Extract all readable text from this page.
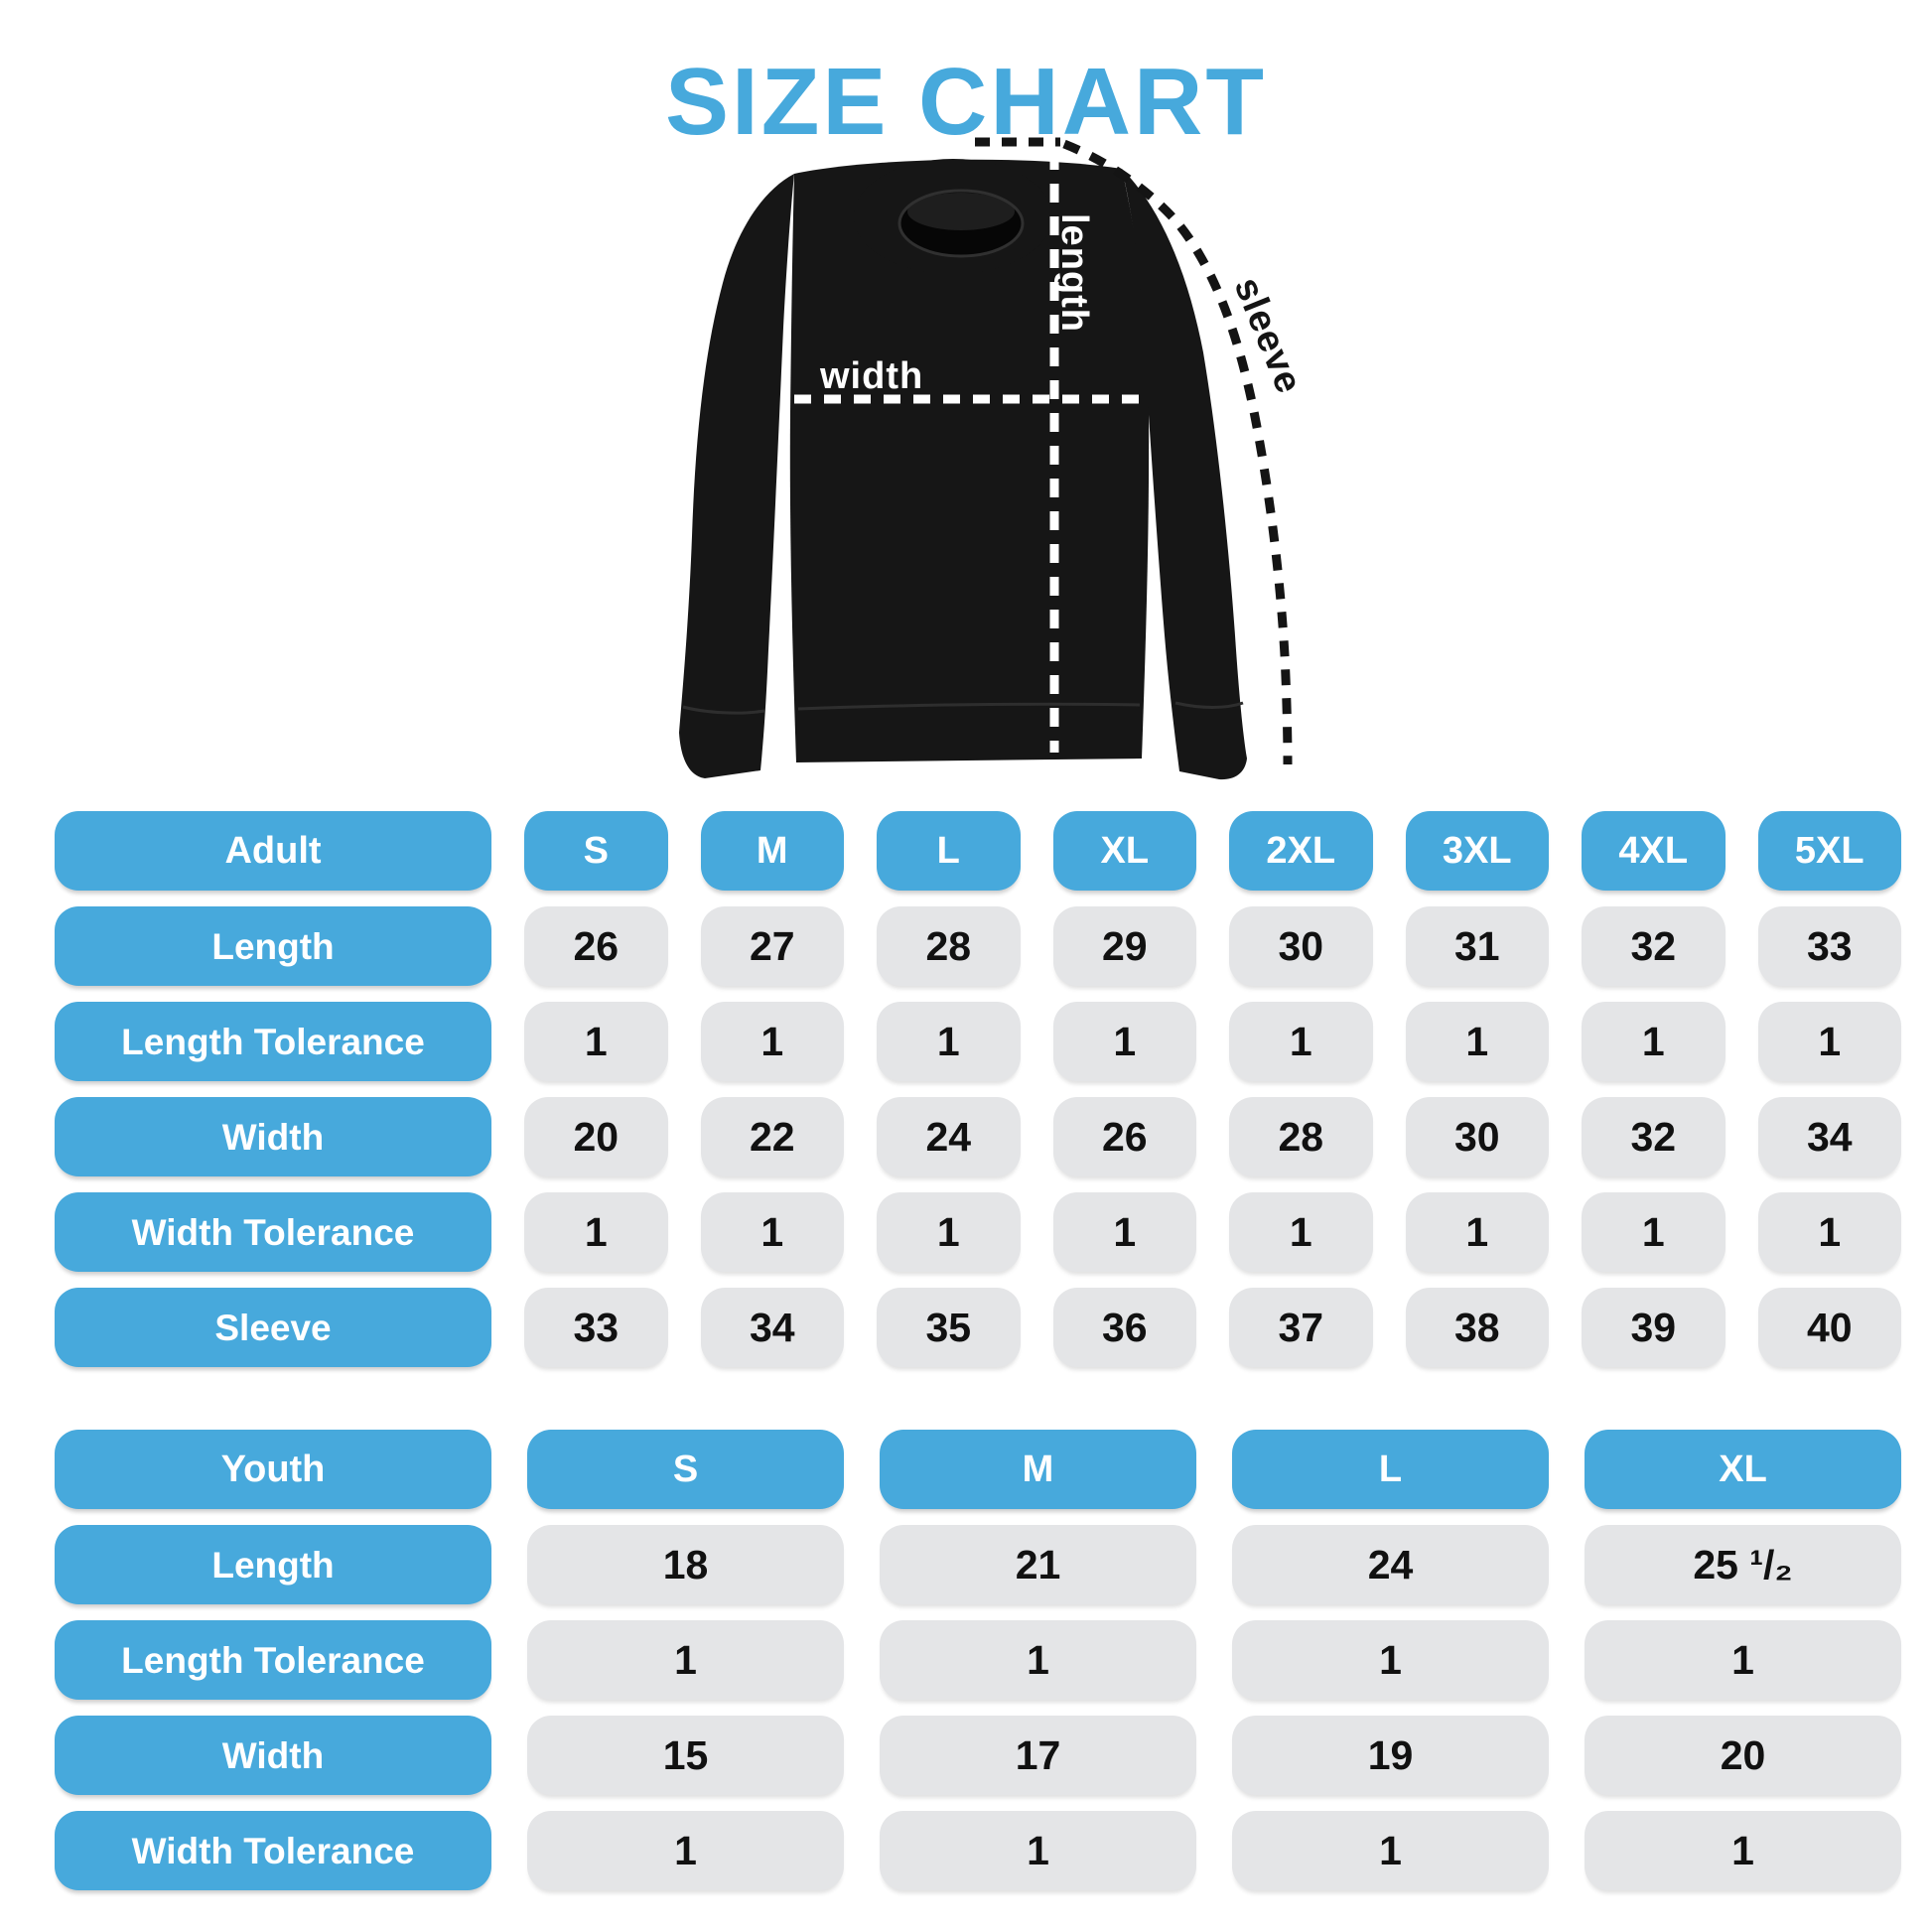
SIZE CHART
width
length	sleeve
Adult	S	M	L	XL	2XL	3XL	4XL	5XL
Length	26	27	28	29	30	31	32	33
Length Tolerance	1	1	1	1	1	1	1	1
Width	20	22	24	26	28	30	32	34
Width Tolerance	1	1	1	1	1	1	1	1
Sleeve	33	34	35	36	37	38	39	40
Youth	S	M	L	XL
Length	18	21	24	25 ¹/₂
Length Tolerance	1	1	1	1
Width	15	17	19	20
Width Tolerance	1	1	1	1
